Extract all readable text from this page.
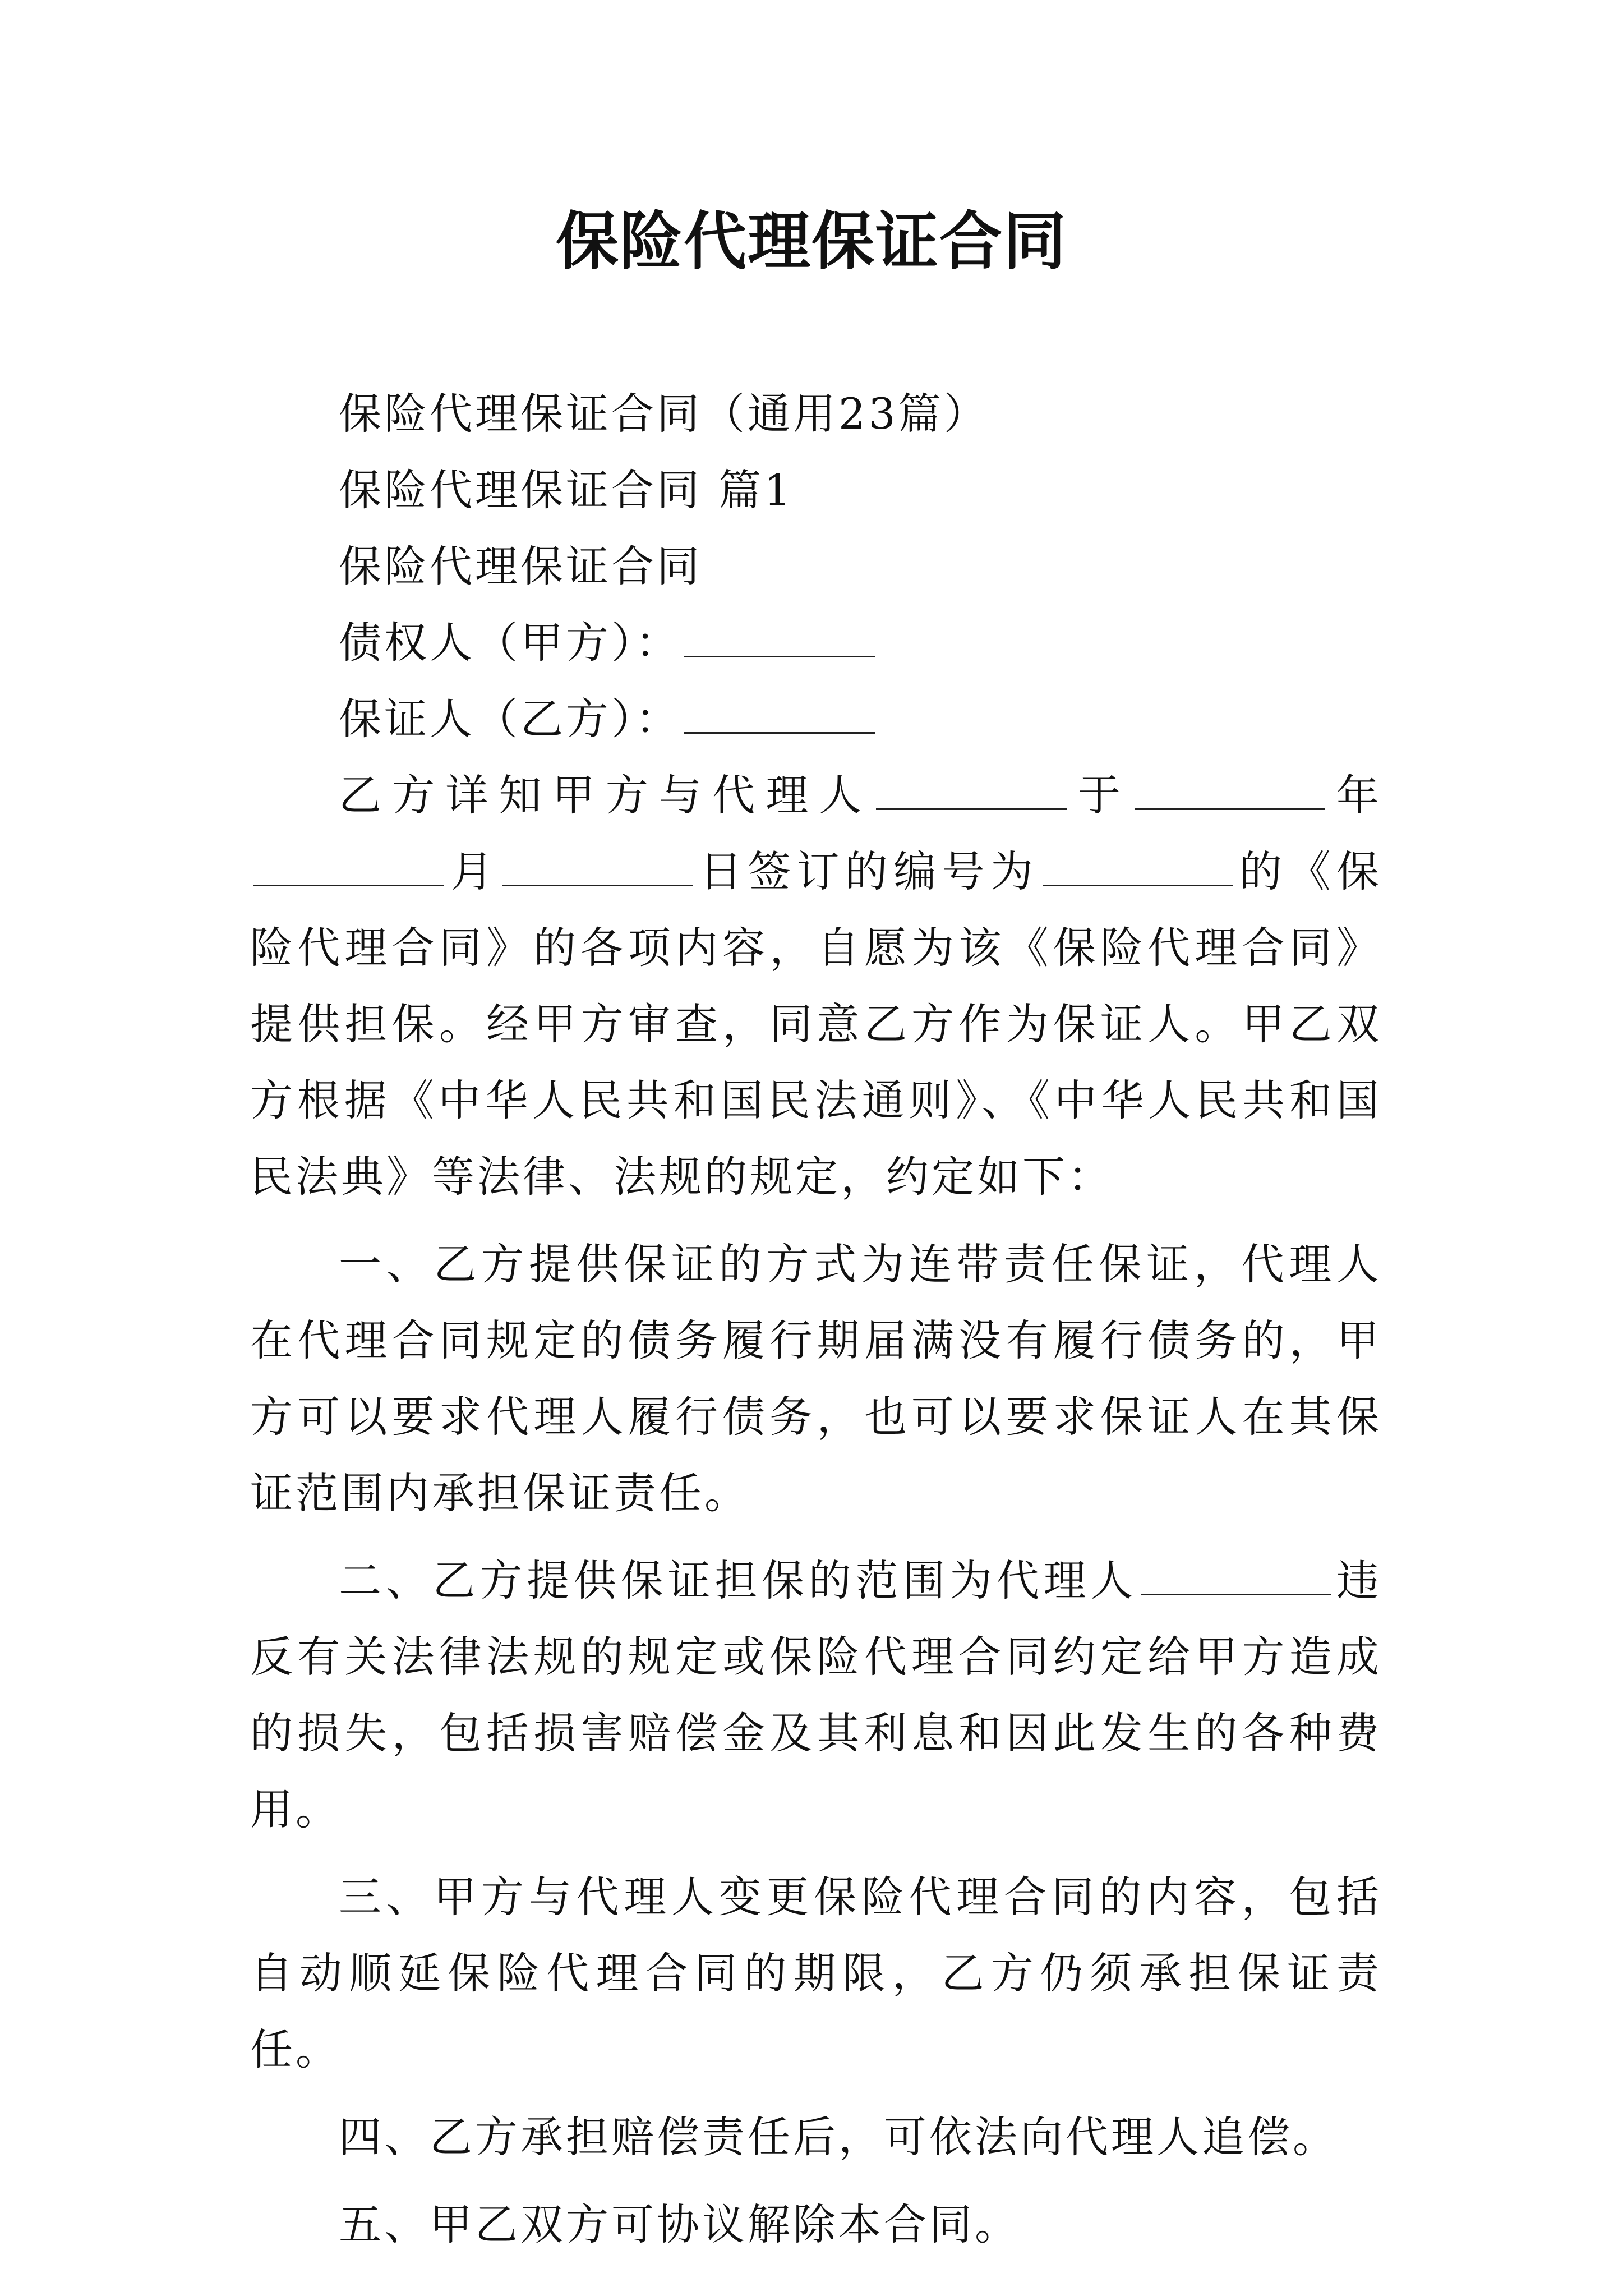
保险代理保证合同

保险代理保证合同（通用23篇）

保险代理保证合同 篇1

保险代理保证合同

债权人（甲方）：

保证人（乙方）：

乙方详知甲方与代理人	于	年月	日签订的编号为	的《保险代理合同》的各项内容，自愿为该《保险代理合同》提供担保。经甲方审查，同意乙方作为保证人。甲乙双方根据《中华人民共和国民法通则》、《中华人民共和国民法典》等法律、法规的规定，约定如下：

一、乙方提供保证的方式为连带责任保证，代理人在代理合同规定的债务履行期届满没有履行债务的，甲方可以要求代理人履行债务，也可以要求保证人在其保证范围内承担保证责任。

二、乙方提供保证担保的范围为代理人	违反有关法律法规的规定或保险代理合同约定给甲方造成的损失，包括损害赔偿金及其利息和因此发生的各种费用。

三、甲方与代理人变更保险代理合同的内容，包括自动顺延保险代理合同的期限，乙方仍须承担保证责任。

四、乙方承担赔偿责任后，可依法向代理人追偿。

五、甲乙双方可协议解除本合同。
